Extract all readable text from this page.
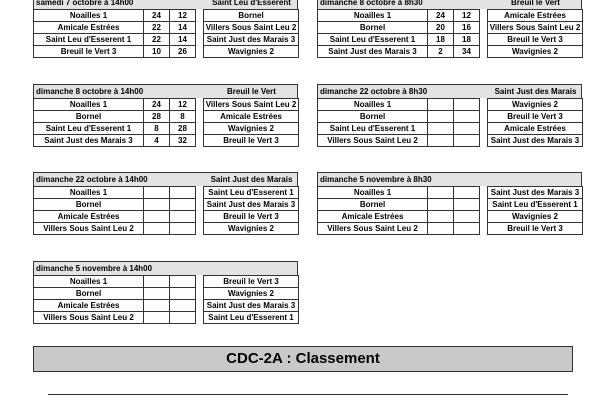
samedi 7 octobre à 14h00	Saint Leu d'Esserent
Noailles 1	24	12		Bornel
Amicale Estrées	22	14		Villers Sous Saint Leu 2
Saint Leu d'Esserent 1	22	14		Saint Just des Marais 3
Breuil le Vert 3	10	26		Wavignies 2
dimanche 8 octobre à 8h30	Breuil le Vert
Noailles 1	24	12		Amicale Estrées
Bornel	20	16		Villers Sous Saint Leu 2
Saint Leu d'Esserent 1	18	18		Breuil le Vert 3
Saint Just des Marais 3	2	34		Wavignies 2
dimanche 8 octobre à 14h00	Breuil le Vert
Noailles 1	24	12		Villers Sous Saint Leu 2
Bornel	28	8		Amicale Estrées
Saint Leu d'Esserent 1	8	28		Wavignies 2
Saint Just des Marais 3	4	32		Breuil le Vert 3
dimanche 22 octobre à 8h30	Saint Just des Marais
Noailles 1				Wavignies 2
Bornel				Breuil le Vert 3
Saint Leu d'Esserent 1				Amicale Estrées
Villers Sous Saint Leu 2				Saint Just des Marais 3
dimanche 22 octobre à 14h00	Saint Just des Marais
Noailles 1				Saint Leu d'Esserent 1
Bornel				Saint Just des Marais 3
Amicale Estrées				Breuil le Vert 3
Villers Sous Saint Leu 2				Wavignies 2
dimanche 5 novembre à 8h30
Noailles 1				Saint Just des Marais 3
Bornel				Saint Leu d'Esserent 1
Amicale Estrées				Wavignies 2
Villers Sous Saint Leu 2				Breuil le Vert 3
dimanche 5 novembre à 14h00
Noailles 1				Breuil le Vert 3
Bornel				Wavignies 2
Amicale Estrées				Saint Just des Marais 3
Villers Sous Saint Leu 2				Saint Leu d'Esserent 1
CDC-2A : Classement
